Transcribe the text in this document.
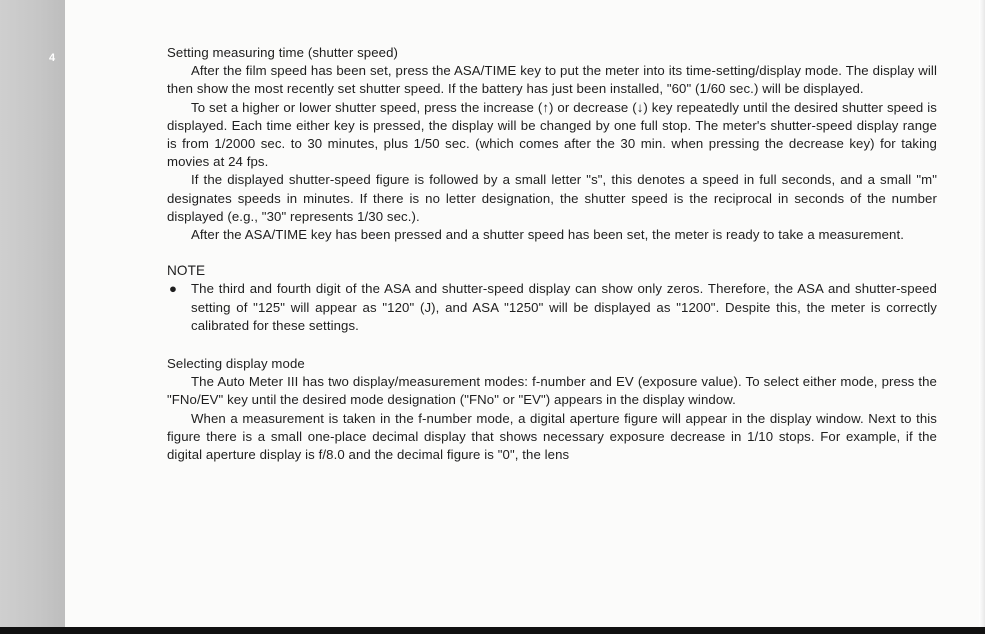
4	Setting measuring time (shutter speed)

After the film speed has been set, press the ASA/TIME key to put the meter into its time-setting/display mode. The display will then show the most recently set shutter speed. If the battery has just been installed, "60" (1/60 sec.) will be displayed.

To set a higher or lower shutter speed, press the increase (↑) or decrease (↓) key repeatedly until the desired shutter speed is displayed. Each time either key is pressed, the display will be changed by one full stop. The meter's shutter-speed display range is from 1/2000 sec. to 30 minutes, plus 1/50 sec. (which comes after the 30 min. when pressing the decrease key) for taking movies at 24 fps.

If the displayed shutter-speed figure is followed by a small letter "s", this denotes a speed in full seconds, and a small "m" designates speeds in minutes. If there is no letter designation, the shutter speed is the reciprocal in seconds of the number displayed (e.g., "30" represents 1/30 sec.).

After the ASA/TIME key has been pressed and a shutter speed has been set, the meter is ready to take a measurement.

NOTE

● The third and fourth digit of the ASA and shutter-speed display can show only zeros. Therefore, the ASA and shutter-speed setting of "125" will appear as "120" (J), and ASA "1250" will be displayed as "1200". Despite this, the meter is correctly calibrated for these settings.

Selecting display mode

The Auto Meter III has two display/measurement modes: f-number and EV (exposure value). To select either mode, press the "FNo/EV" key until the desired mode designation ("FNo" or "EV") appears in the display window.

When a measurement is taken in the f-number mode, a digital aperture figure will appear in the display window. Next to this figure there is a small one-place decimal display that shows necessary exposure decrease in 1/10 stops. For example, if the digital aperture display is f/8.0 and the decimal figure is "0", the lens
